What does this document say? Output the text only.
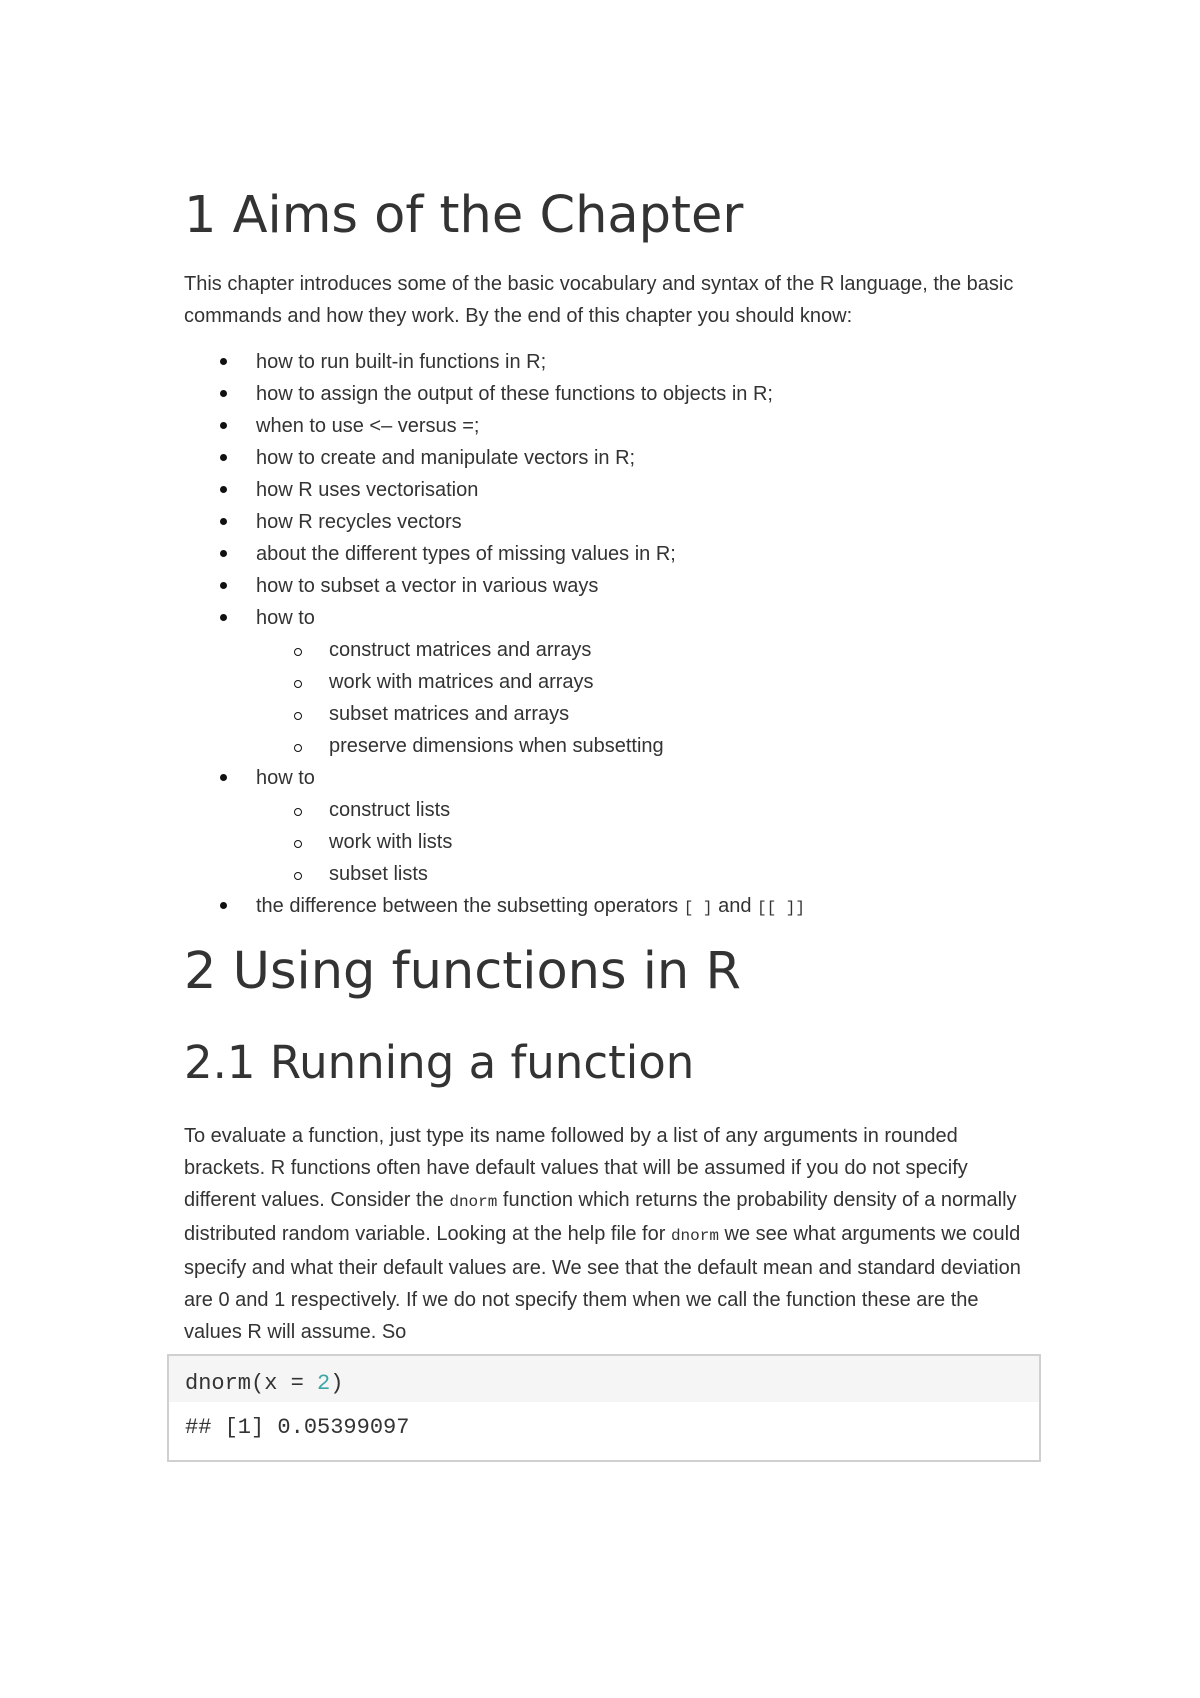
1 Aims of the Chapter

This chapter introduces some of the basic vocabulary and syntax of the R language, the basic commands and how they work. By the end of this chapter you should know:

how to run built-in functions in R;
how to assign the output of these functions to objects in R;
when to use <– versus =;
how to create and manipulate vectors in R;
how R uses vectorisation
how R recycles vectors
about the different types of missing values in R;
how to subset a vector in various ways
how to
construct matrices and arrays
work with matrices and arrays
subset matrices and arrays
preserve dimensions when subsetting
how to
construct lists
work with lists
subset lists
the difference between the subsetting operators [ ] and [[ ]]
2 Using functions in R
2.1 Running a function

To evaluate a function, just type its name followed by a list of any arguments in rounded brackets. R functions often have default values that will be assumed if you do not specify different values. Consider the dnorm function which returns the probability density of a normally distributed random variable. Looking at the help file for dnorm we see what arguments we could specify and what their default values are. We see that the default mean and standard deviation are 0 and 1 respectively. If we do not specify them when we call the function these are the values R will assume. So

dnorm(x = 2)
## [1] 0.05399097
